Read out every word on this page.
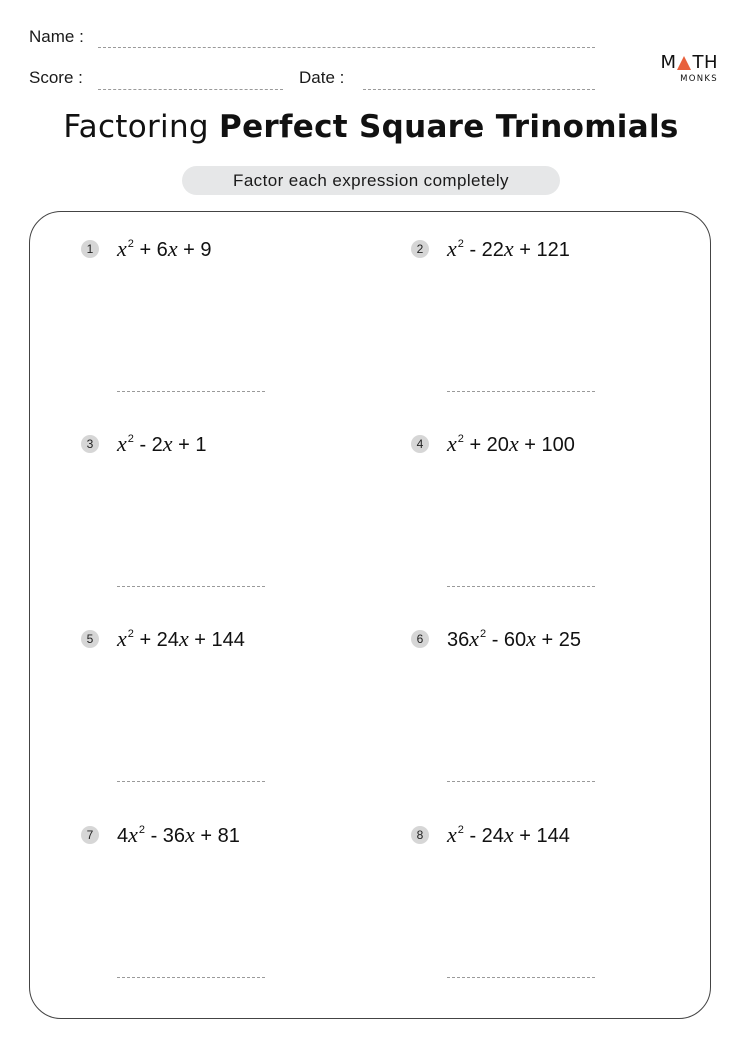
Name :
Score :	Date :
M TH
MONKS
Factoring Perfect Square Trinomials
Factor each expression completely
1 $x^2 + 6x + 9$	2 $x^2 - 22x + 121$
3 $x^2 - 2x + 1$	4 $x^2 + 20x + 100$
5 $x^2 + 24x + 144$	6 $36x^2 - 60x + 25$
7 $4x^2 - 36x + 81$	8 $x^2 - 24x + 144$
